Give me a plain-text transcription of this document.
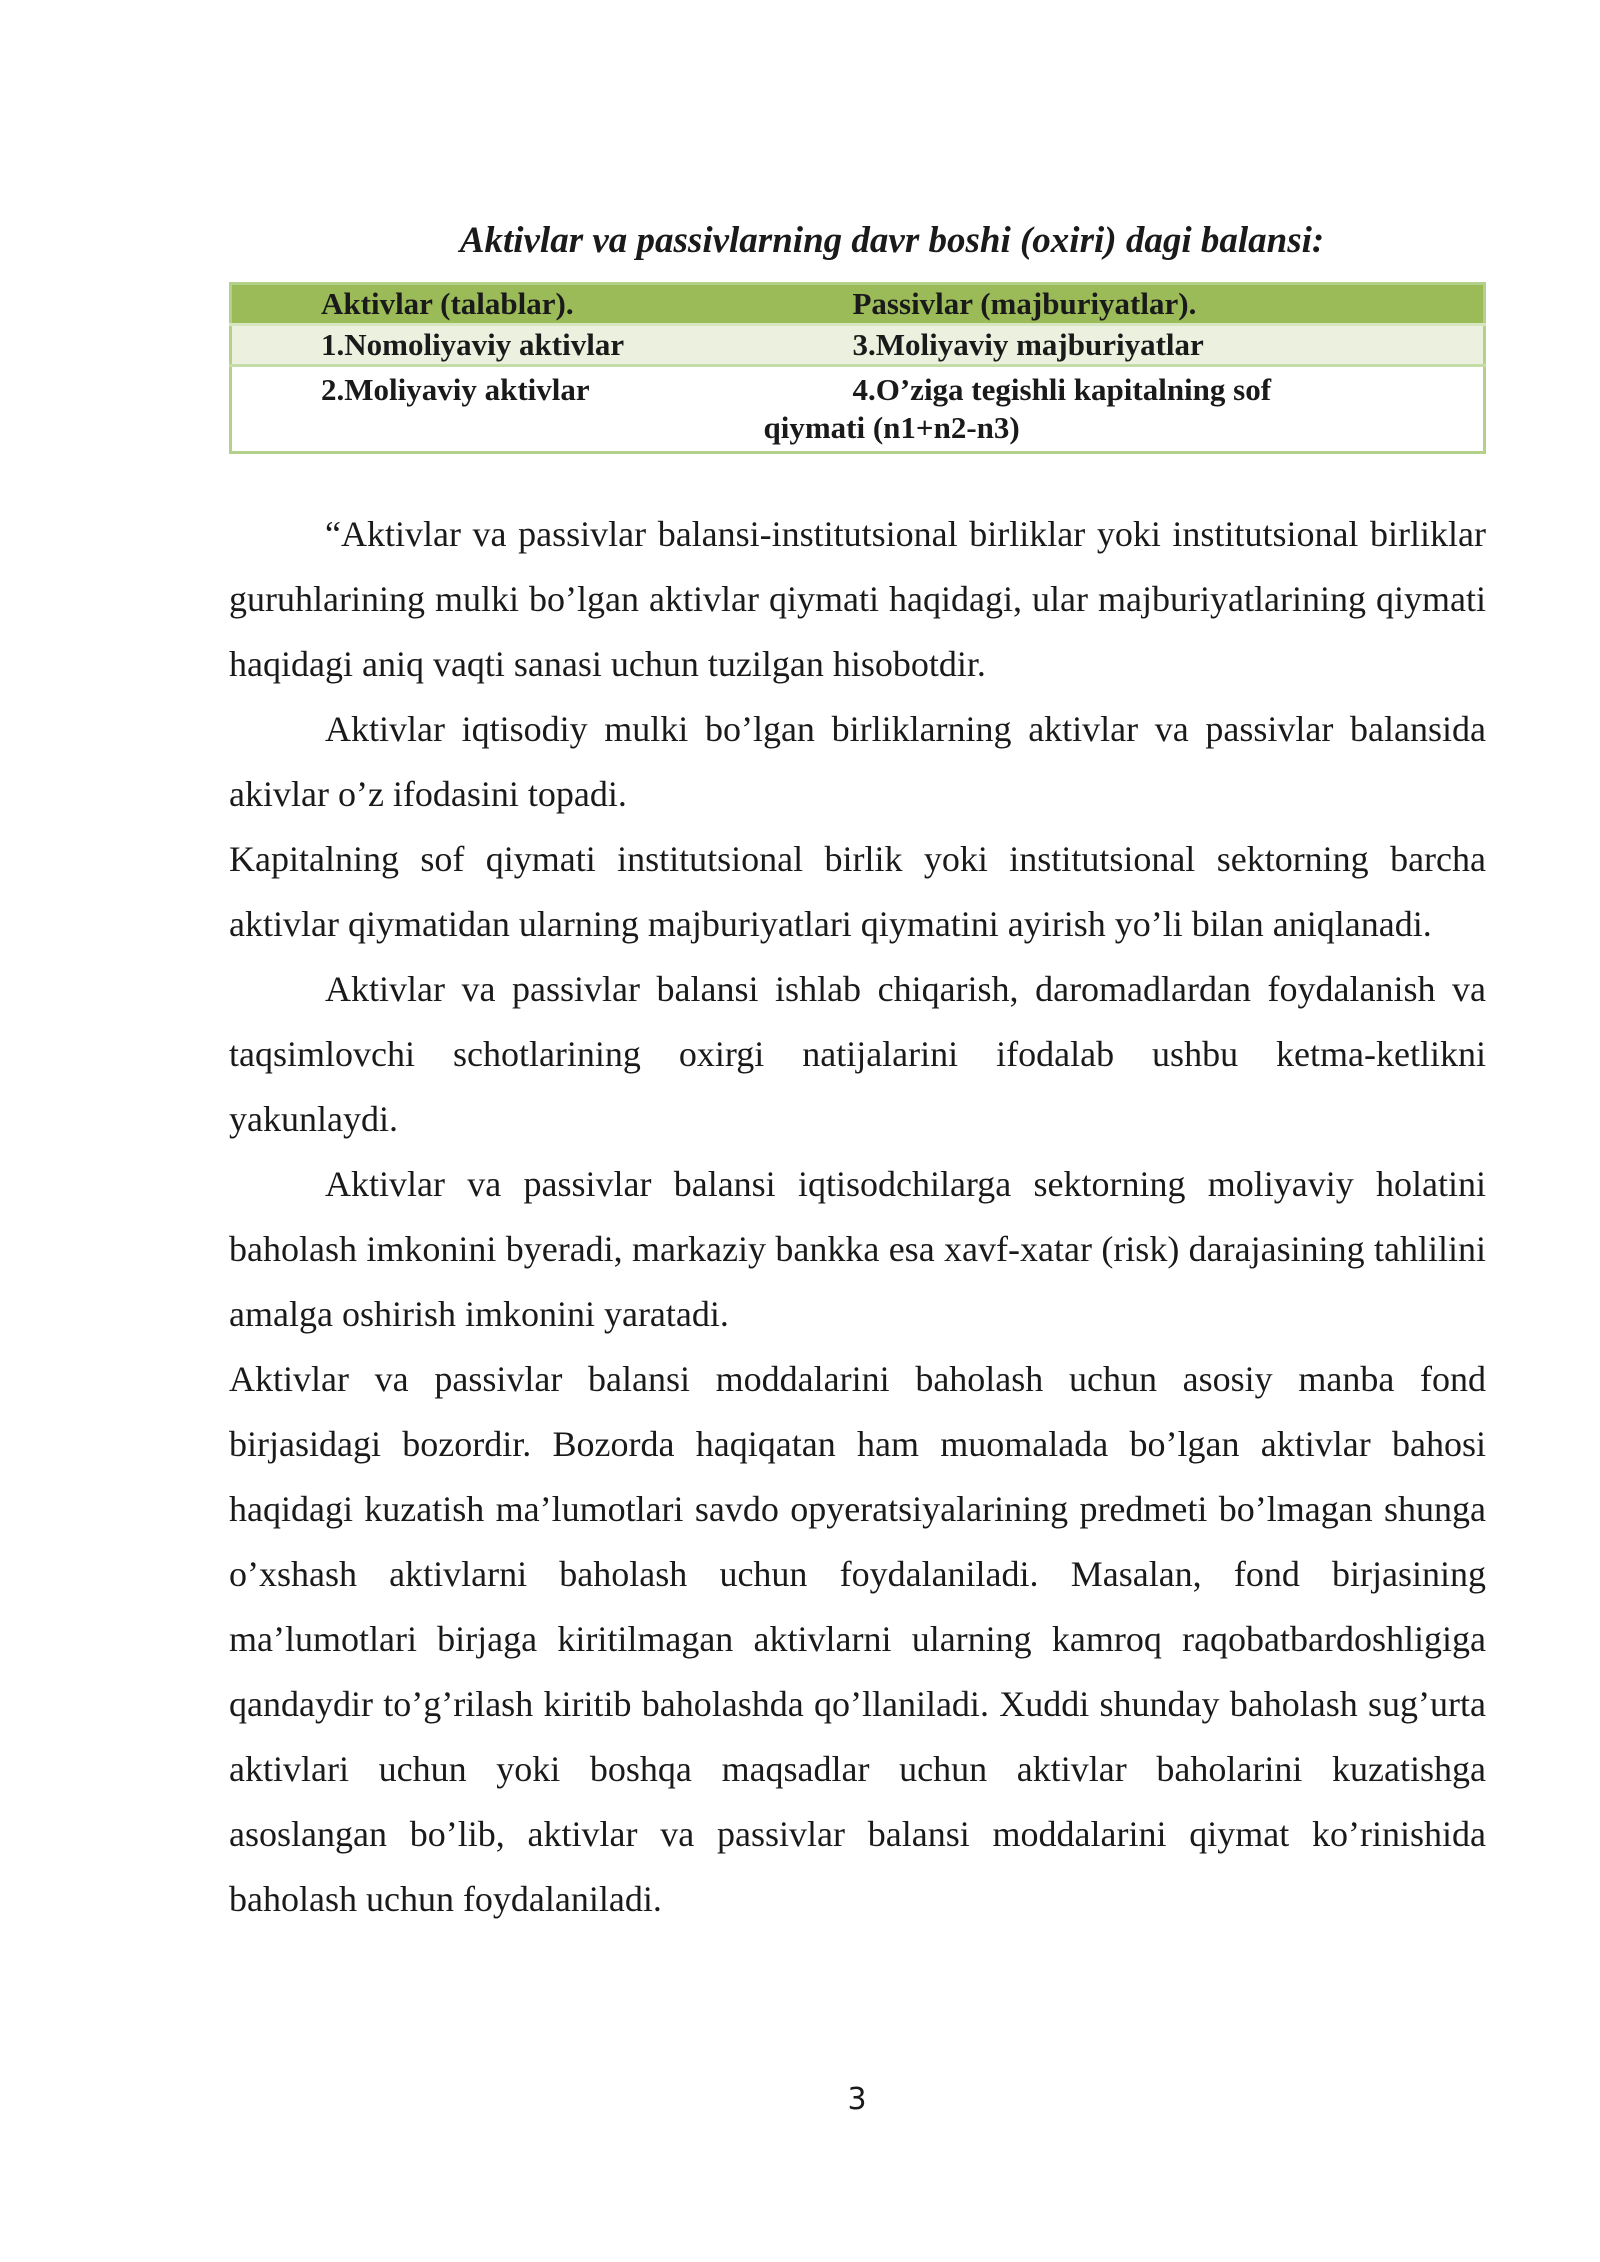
Aktivlar va passivlarning davr boshi (oxiri) dagi balansi:
Aktivlar (talablar).	Passivlar (majburiyatlar).
1.Nomoliyaviy aktivlar	3.Moliyaviy majburiyatlar
2.Moliyaviy aktivlar	4.O’ziga tegishli kapitalning sof
qiymati (n1+n2-n3)

“Aktivlar va passivlar balansi-institutsional birliklar yoki institutsional birliklar guruhlarining mulki bo’lgan aktivlar qiymati haqidagi, ular majburiyatlarining qiymati haqidagi aniq vaqti sanasi uchun tuzilgan hisobotdir.

Aktivlar iqtisodiy mulki bo’lgan birliklarning aktivlar va passivlar balansida akivlar o’z ifodasini topadi.

Kapitalning sof qiymati institutsional birlik yoki institutsional sektorning barcha aktivlar qiymatidan ularning majburiyatlari qiymatini ayirish yo’li bilan aniqlanadi.

Aktivlar va passivlar balansi ishlab chiqarish, daromadlardan foydalanish va taqsimlovchi schotlarining oxirgi natijalarini ifodalab ushbu ketma-ketlikni yakunlaydi.

Aktivlar va passivlar balansi iqtisodchilarga sektorning moliyaviy holatini baholash imkonini byeradi, markaziy bankka esa xavf-xatar (risk) darajasining tahlilini amalga oshirish imkonini yaratadi.

Aktivlar va passivlar balansi moddalarini baholash uchun asosiy manba fond birjasidagi bozordir. Bozorda haqiqatan ham muomalada bo’lgan aktivlar bahosi haqidagi kuzatish ma’lumotlari savdo opyeratsiyalarining predmeti bo’lmagan shunga o’xshash aktivlarni baholash uchun foydalaniladi. Masalan, fond birjasining ma’lumotlari birjaga kiritilmagan aktivlarni ularning kamroq raqobatbardoshligiga qandaydir to’g’rilash kiritib baholashda qo’llaniladi. Xuddi shunday baholash sug’urta aktivlari uchun yoki boshqa maqsadlar uchun aktivlar baholarini kuzatishga asoslangan bo’lib, aktivlar va passivlar balansi moddalarini qiymat ko’rinishida baholash uchun foydalaniladi.

3
